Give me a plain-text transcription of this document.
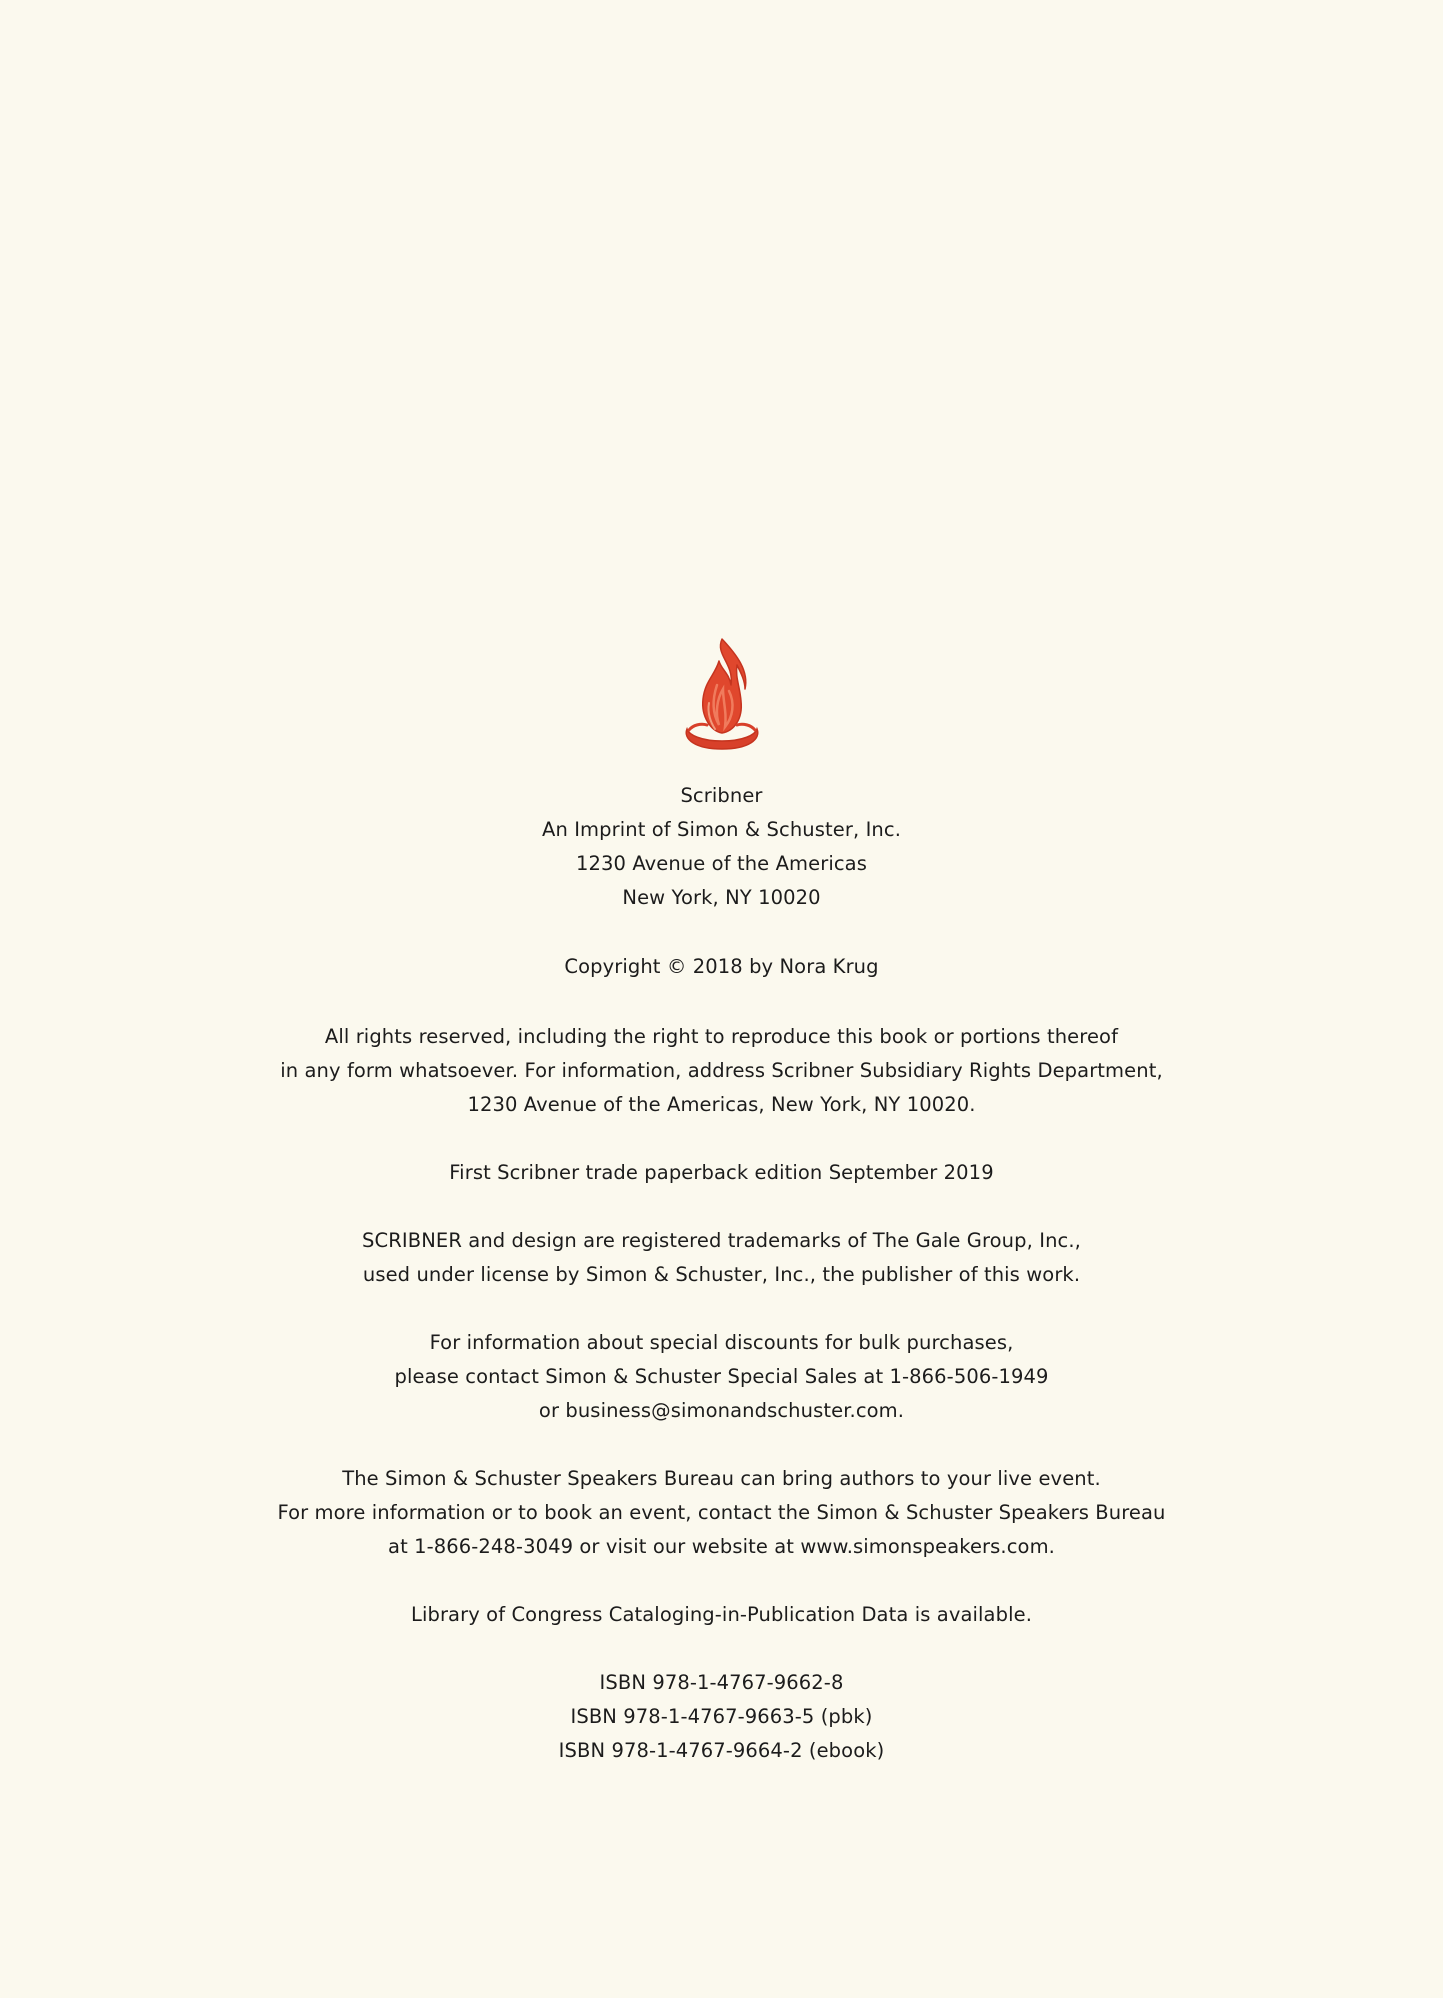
Scribner
An Imprint of Simon & Schuster, Inc.
1230 Avenue of the Americas
New York, NY 10020
Copyright © 2018 by Nora Krug
All rights reserved, including the right to reproduce this book or portions thereof
in any form whatsoever. For information, address Scribner Subsidiary Rights Department,
1230 Avenue of the Americas, New York, NY 10020.
First Scribner trade paperback edition September 2019
SCRIBNER and design are registered trademarks of The Gale Group, Inc.,
used under license by Simon & Schuster, Inc., the publisher of this work.
For information about special discounts for bulk purchases,
please contact Simon & Schuster Special Sales at 1-866-506-1949
or business@simonandschuster.com.
The Simon & Schuster Speakers Bureau can bring authors to your live event.
For more information or to book an event, contact the Simon & Schuster Speakers Bureau
at 1-866-248-3049 or visit our website at www.simonspeakers.com.
Library of Congress Cataloging-in-Publication Data is available.
ISBN 978-1-4767-9662-8
ISBN 978-1-4767-9663-5 (pbk)
ISBN 978-1-4767-9664-2 (ebook)
